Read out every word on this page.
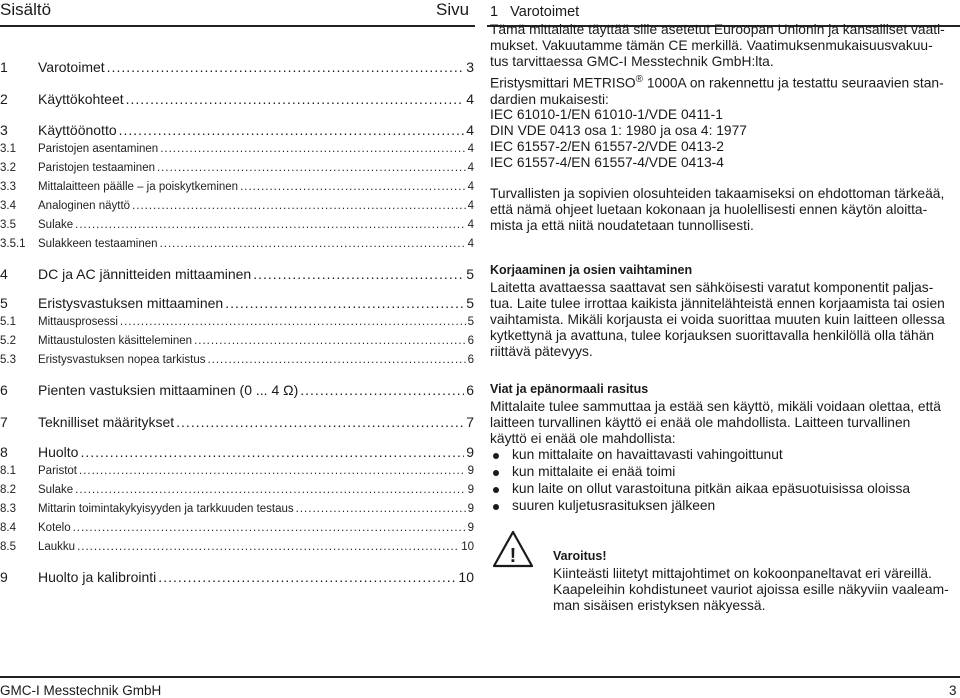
Sisältö	Sivu
1	Varotoimet .....	3
2	Käyttökohteet .....	4
3	Käyttöönotto .....	4
3.1	Paristojen asentaminen .....	4
3.2	Paristojen testaaminen .....	4
3.3	Mittalaitteen päälle – ja poiskytkeminen .....	4
3.4	Analoginen näyttö .....	4
3.5	Sulake .....	4
3.5.1	Sulakkeen testaaminen .....	4
4	DC ja AC jännitteiden mittaaminen .....	5
5	Eristysvastuksen mittaaminen .....	5
5.1	Mittausprosessi .....	5
5.2	Mittaustulosten käsitteleminen .....	6
5.3	Eristysvastuksen nopea tarkistus .....	6
6	Pienten vastuksien mittaaminen (0 ... 4 Ω) .....	6
7	Teknilliset määritykset .....	7
8	Huolto .....	9
8.1	Paristot .....	9
8.2	Sulake .....	9
8.3	Mittarin toimintakykyisyyden ja tarkkuuden testaus .....	9
8.4	Kotelo .....	9
8.5	Laukku .....	10
9	Huolto ja kalibrointi .....	10
1 Varotoimet
Tämä mittalaite täyttää sille asetetut Euroopan Unionin ja kansalliset vaati-
mukset. Vakuutamme tämän CE merkillä. Vaatimuksenmukaisuusvakuu-
tus tarvittaessa GMC-I Messtechnik GmbH:lta.
Eristysmittari METRISO® 1000A on rakennettu ja testattu seuraavien stan-
dardien mukaisesti:
IEC 61010-1/EN 61010-1/VDE 0411-1
DIN VDE 0413 osa 1: 1980 ja osa 4: 1977
IEC 61557-2/EN 61557-2/VDE 0413-2
IEC 61557-4/EN 61557-4/VDE 0413-4
Turvallisten ja sopivien olosuhteiden takaamiseksi on ehdottoman tärkeää,
että nämä ohjeet luetaan kokonaan ja huolellisesti ennen käytön aloitta-
mista ja että niitä noudatetaan tunnollisesti.
Korjaaminen ja osien vaihtaminen
Laitetta avattaessa saattavat sen sähköisesti varatut komponentit paljas-
tua. Laite tulee irrottaa kaikista jännitelähteistä ennen korjaamista tai osien
vaihtamista. Mikäli korjausta ei voida suorittaa muuten kuin laitteen ollessa
kytkettynä ja avattuna, tulee korjauksen suorittavalla henkilöllä olla tähän
riittävä pätevyys.
Viat ja epänormaali rasitus
Mittalaite tulee sammuttaa ja estää sen käyttö, mikäli voidaan olettaa, että
laitteen turvallinen käyttö ei enää ole mahdollista. Laitteen turvallinen
käyttö ei enää ole mahdollista:
kun mittalaite on havaittavasti vahingoittunut
kun mittalaite ei enää toimi
kun laite on ollut varastoituna pitkän aikaa epäsuotuisissa oloissa
suuren kuljetusrasituksen jälkeen
!	Varoitus!
Kiinteästi liitetyt mittajohtimet on kokoonpaneltavat eri väreillä.
Kaapeleihin kohdistuneet vauriot ajoissa esille näkyviin vaaleam-
man sisäisen eristyksen näkyessä.
GMC-I Messtechnik GmbH	3
